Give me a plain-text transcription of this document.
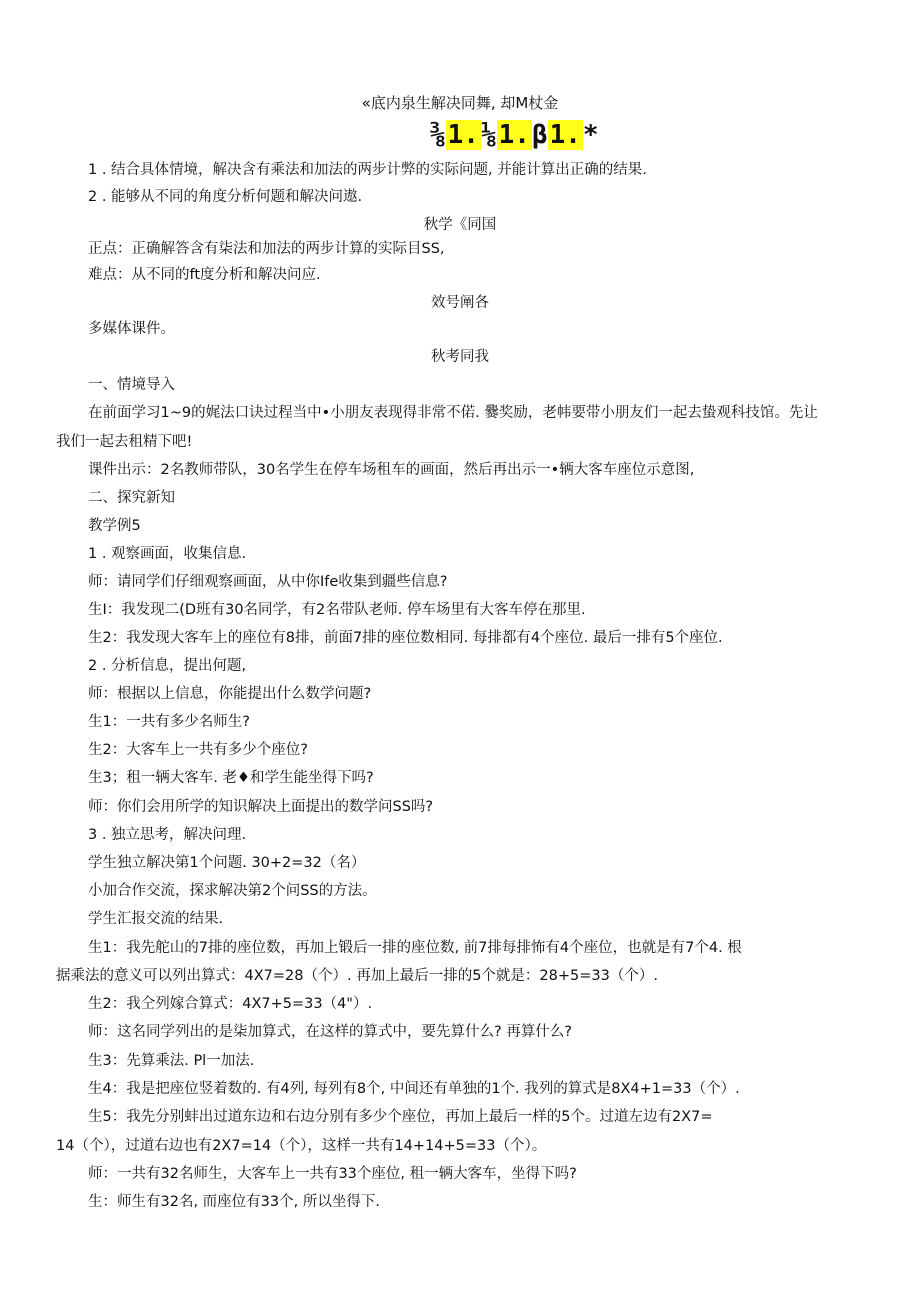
«底内泉生解决同舞, 却M杖金
⅜1.⅛1.β1.*
1 . 结合具体情境，解决含有乘法和加法的两步计弊的实际问题, 并能计算出正确的结果.
2 . 能够从不同的角度分析何题和解决问遨.
秋学《同国
正点：正确解答含有柒法和加法的两步计算的实际目SS,
难点：从不同的ft度分析和解决问应.
效号阐各
多媒体课件。
秋考同我
一、情境导入
在前面学习1~9的娓法口诀过程当中•小朋友表现得非常不偌. 爨奖励，老帏要带小朋友们一起去蛰观科技馆。先让
我们一起去租精下吧!
课件出示：2名教师带队，30名学生在停车场租车的画面，然后再出示一•辆大客车座位示意图,
二、探究新知
教学例5
1 . 观察画面，收集信息.
师：请同学们仔细观察画面，从中你Ife收集到疆些信息?
生I：我发现二(D班有30名同学，有2名带队老师. 停车场里有大客车停在那里.
生2：我发现大客车上的座位有8排，前面7排的座位数相同. 每排都有4个座位. 最后一排有5个座位.
2 . 分析信息，提出何题,
师：根据以上信息，你能提出什么数学问题?
生1：一共有多少名师生?
生2：大客车上一共有多少个座位?
生3；租一辆大客车. 老♦和学生能坐得下吗?
师：你们会用所学的知识解决上面提出的数学问SS吗?
3 . 独立思考，解决问理.
学生独立解决第1个问题. 30+2=32（名）
小加合作交流，探求解决第2个问SS的方法。
学生汇报交流的结果.
生1：我先舵山的7排的座位数，再加上锻后一排的座位数, 前7排每排怖有4个座位，也就是有7个4. 根
据乘法的意义可以列出算式：4X7=28（个）. 再加上最后一排的5个就是：28+5=33（个）.
生2：我仝列嫁合算式：4X7+5=33（4"）.
师：这名同学列出的是柒加算式，在这样的算式中，要先算什么? 再算什么?
生3：先算乘法. Pl一加法.
生4：我是把座位竖着数的. 有4列, 每列有8个, 中间还有单独的1个. 我列的算式是8X4+1=33（个）.
生5：我先分别蚌出过道东边和右边分别有多少个座位，再加上最后一样的5个。过道左边有2X7=
14（个），过道右边也有2X7=14（个），这样一共有14+14+5=33（个）。
师：一共有32名师生，大客车上一共有33个座位, 租一辆大客车，坐得下吗?
生：师生有32名, 而座位有33个, 所以坐得下.
